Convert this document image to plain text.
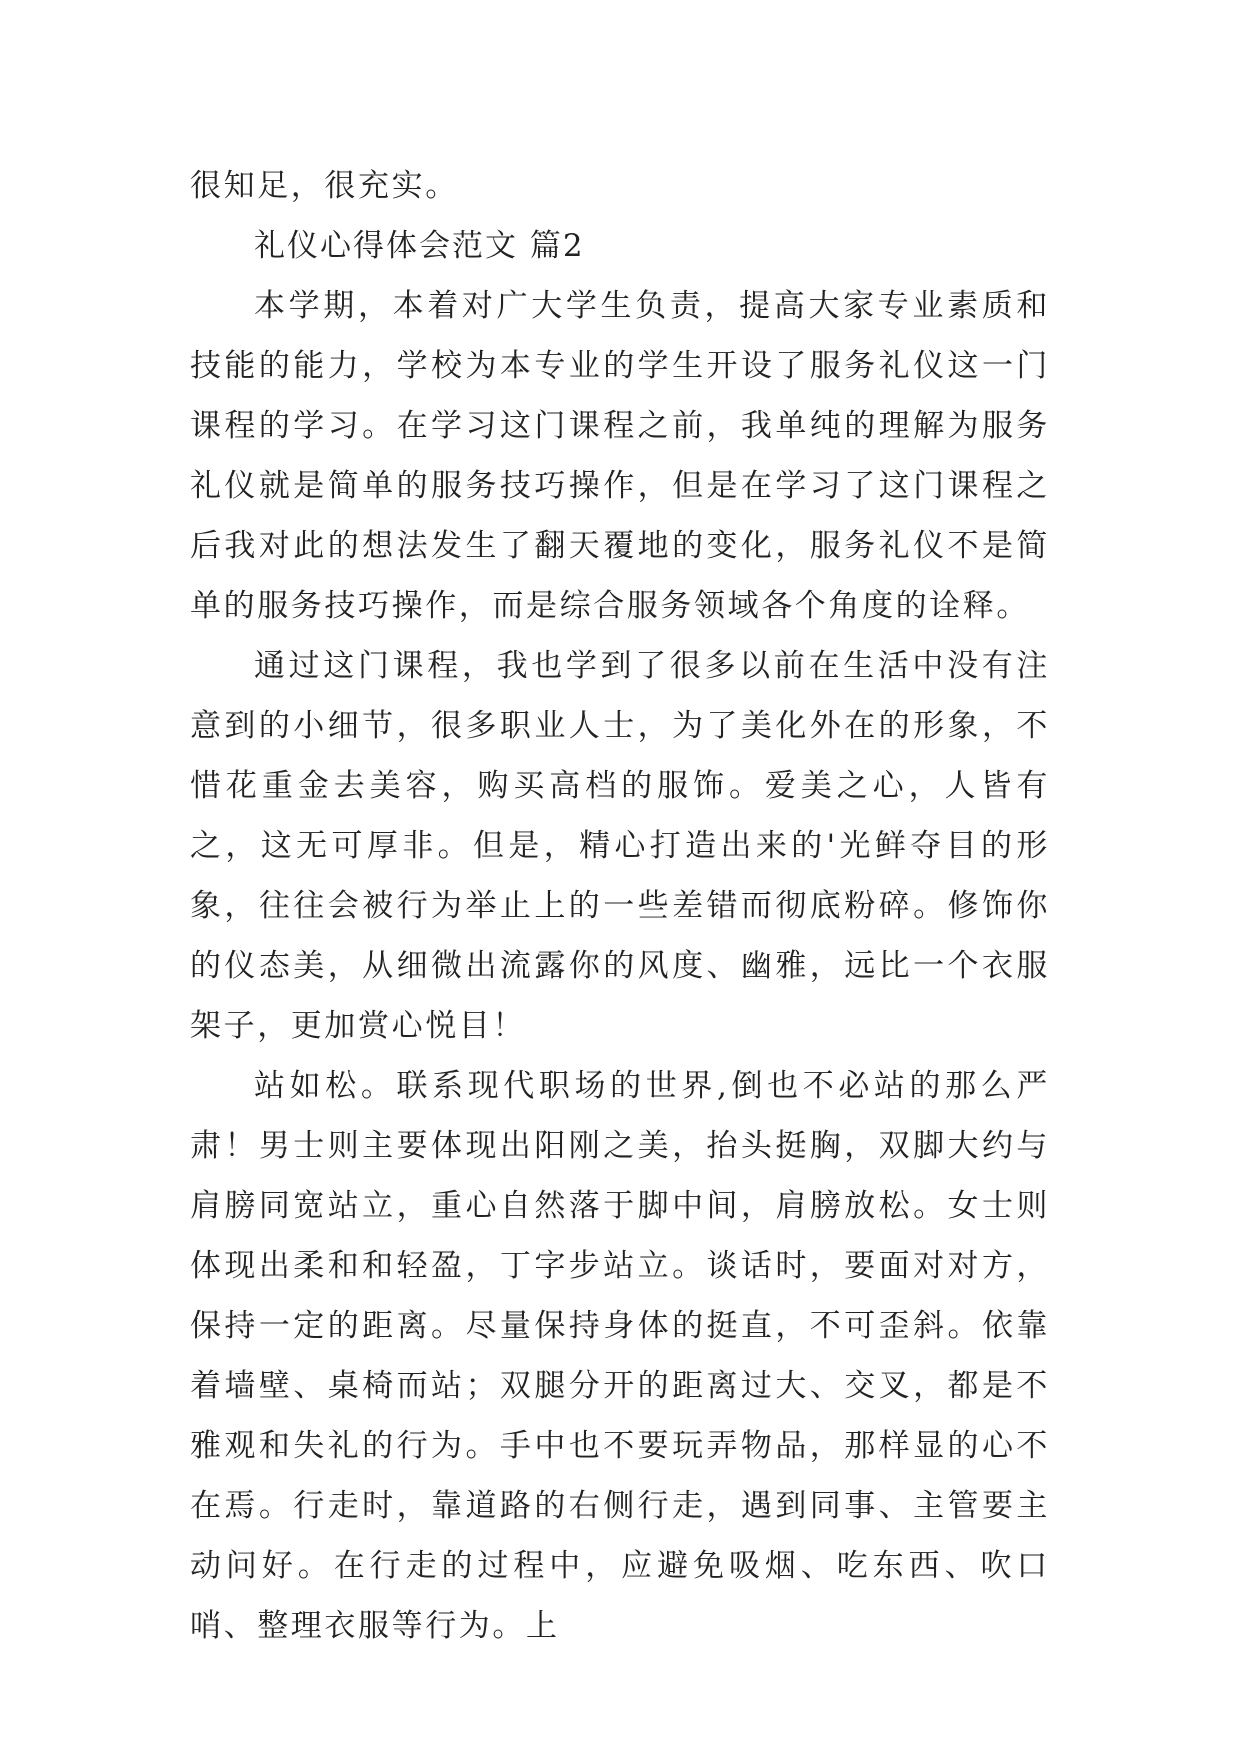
很知足，很充实。

礼仪心得体会范文 篇2

本学期，本着对广大学生负责，提高大家专业素质和技能的能力，学校为本专业的学生开设了服务礼仪这一门课程的学习。在学习这门课程之前，我单纯的理解为服务礼仪就是简单的服务技巧操作，但是在学习了这门课程之后我对此的想法发生了翻天覆地的变化，服务礼仪不是简单的服务技巧操作，而是综合服务领域各个角度的诠释。

通过这门课程，我也学到了很多以前在生活中没有注意到的小细节，很多职业人士，为了美化外在的形象，不惜花重金去美容，购买高档的服饰。爱美之心，人皆有之，这无可厚非。但是，精心打造出来的'光鲜夺目的形象，往往会被行为举止上的一些差错而彻底粉碎。修饰你的仪态美，从细微出流露你的风度、幽雅，远比一个衣服架子，更加赏心悦目！

站如松。联系现代职场的世界,倒也不必站的那么严肃！男士则主要体现出阳刚之美，抬头挺胸，双脚大约与肩膀同宽站立，重心自然落于脚中间，肩膀放松。女士则体现出柔和和轻盈，丁字步站立。谈话时，要面对对方，保持一定的距离。尽量保持身体的挺直，不可歪斜。依靠着墙壁、桌椅而站；双腿分开的距离过大、交叉，都是不雅观和失礼的行为。手中也不要玩弄物品，那样显的心不在焉。行走时，靠道路的右侧行走，遇到同事、主管要主动问好。在行走的过程中，应避免吸烟、吃东西、吹口哨、整理衣服等行为。上
